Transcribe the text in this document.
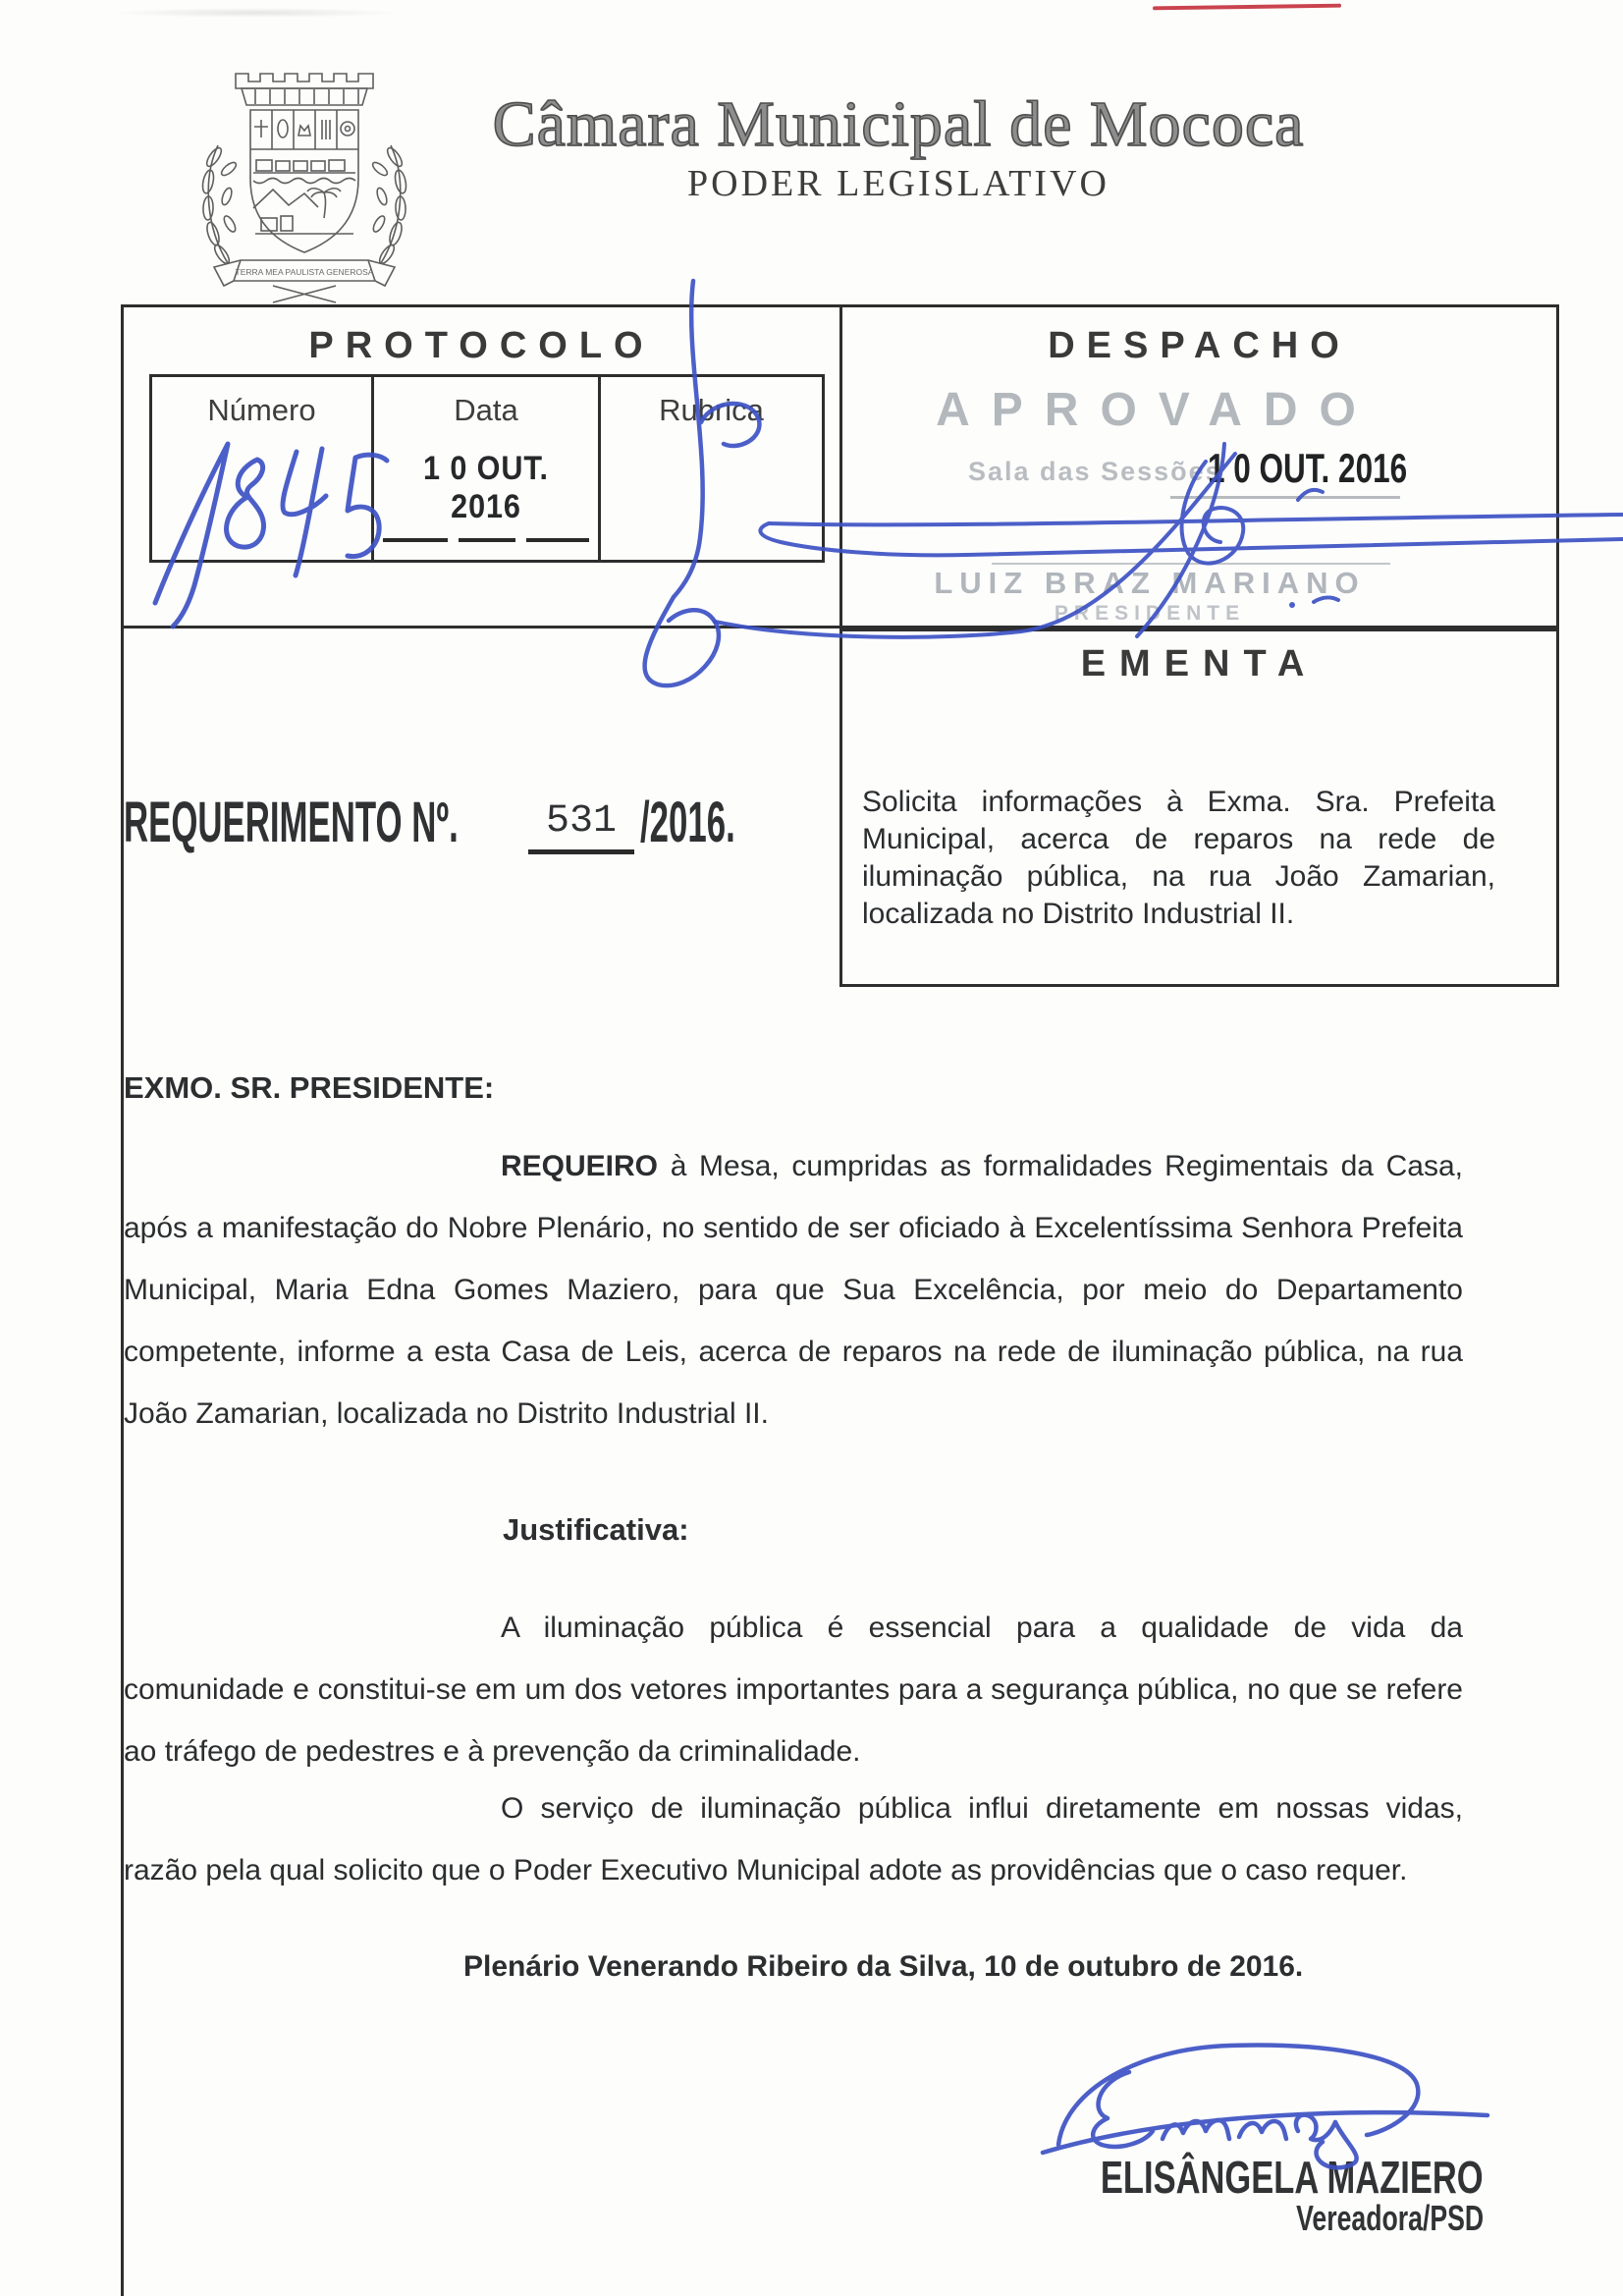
TERRA MEA PAULISTA GENEROSA
Câmara Municipal de Mococa
PODER LEGISLATIVO
PROTOCOLO
Número	Data
1 0 OUT. 2016
Rubrica
DESPACHO
APROVADO
Sala das Sessões
1 0 OUT. 2016
LUIZ BRAZ MARIANO
PRESIDENTE
EMENTA
Solicita informações à Exma. Sra. Prefeita Municipal, acerca de reparos na rede de iluminação pública, na rua João Zamarian, localizada no Distrito Industrial II.
REQUERIMENTO Nº.	531 /2016.
EXMO. SR. PRESIDENTE:
REQUEIRO à Mesa, cumpridas as formalidades Regimentais da Casa, após a manifestação do Nobre Plenário, no sentido de ser oficiado à Excelentíssima Senhora Prefeita Municipal, Maria Edna Gomes Maziero, para que Sua Excelência, por meio do Departamento competente, informe a esta Casa de Leis, acerca de reparos na rede de iluminação pública, na rua João Zamarian, localizada no Distrito Industrial II.
Justificativa:
A iluminação pública é essencial para a qualidade de vida da comunidade e constitui-se em um dos vetores importantes para a segurança pública, no que se refere ao tráfego de pedestres e à prevenção da criminalidade.
O serviço de iluminação pública influi diretamente em nossas vidas, razão pela qual solicito que o Poder Executivo Municipal adote as providências que o caso requer.
Plenário Venerando Ribeiro da Silva, 10 de outubro de 2016.
ELISÂNGELA MAZIERO
Vereadora/PSD
